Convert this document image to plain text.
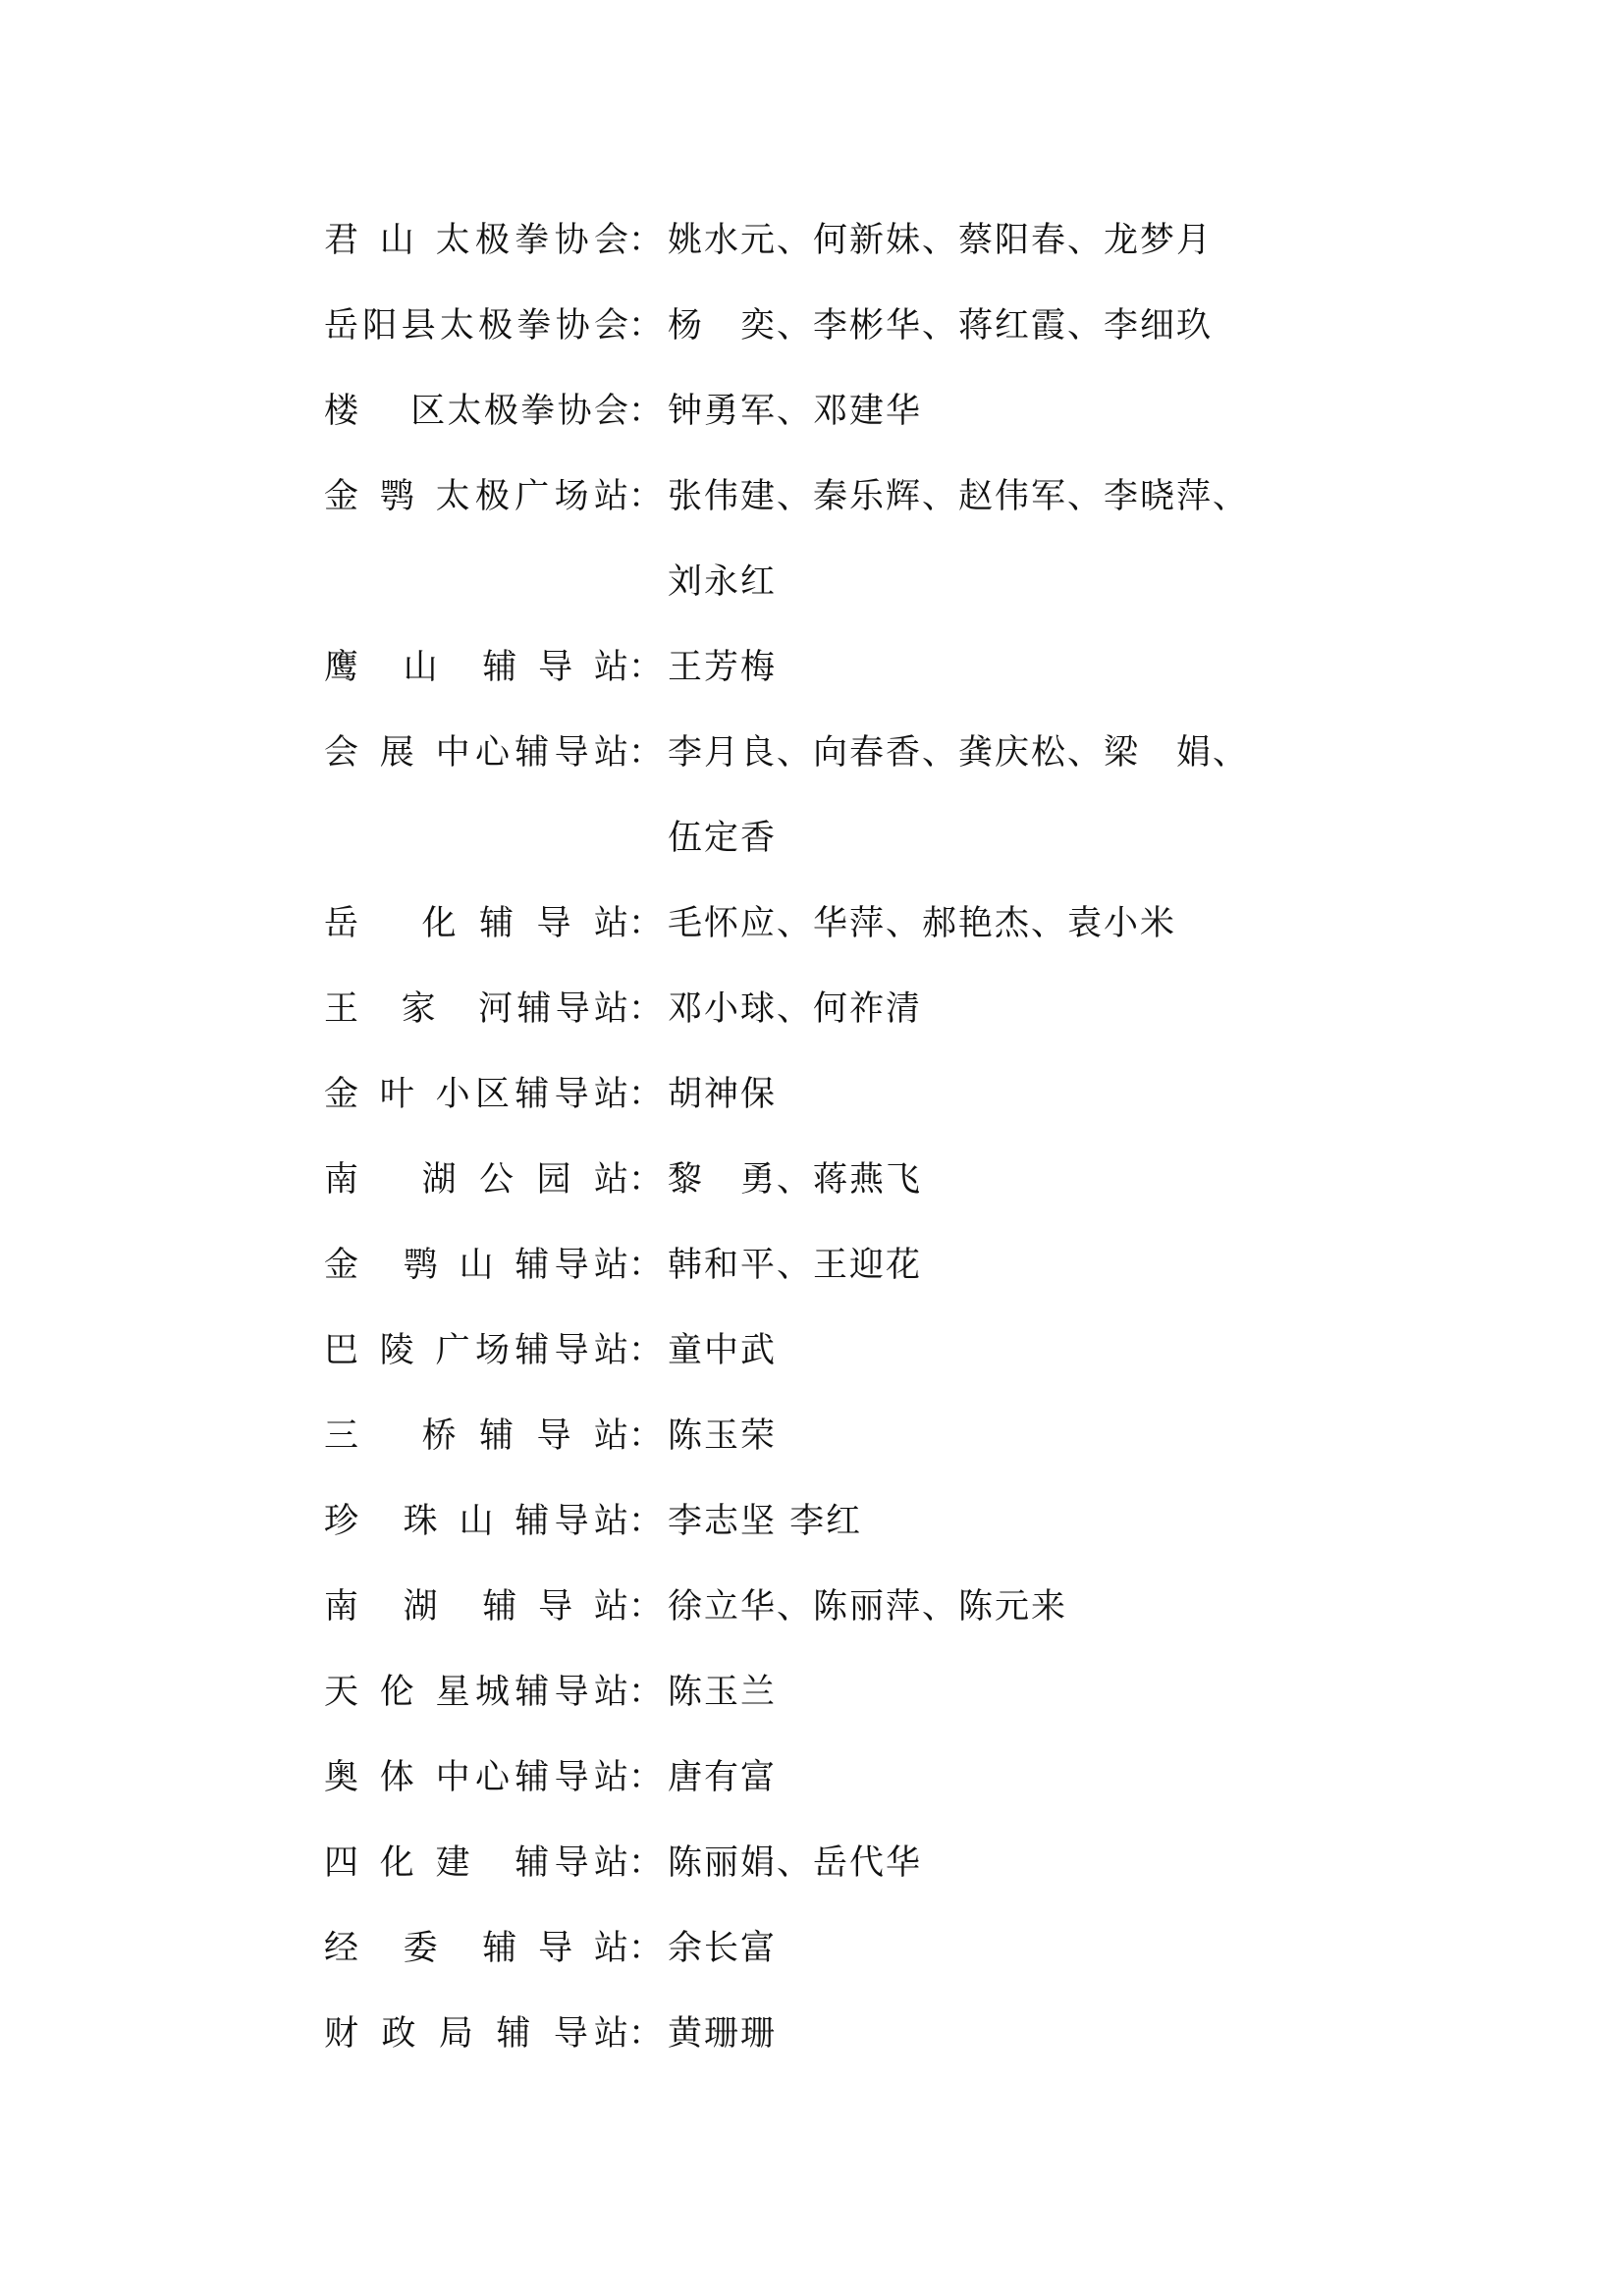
君 山 太极拳协会 ： 姚水元、何新妹、蔡阳春、龙梦月
岳阳县太极拳协会 ： 杨　奕、李彬华、蒋红霞、李细玖
楼　 区太极拳协会 ： 钟勇军、邓建华
金 鹗 太极广场站 ： 张伟建、秦乐辉、赵伟军、李晓萍、
刘永红
鹰　山　辅 导 站 ： 王芳梅
会 展 中心辅导站 ： 李月良、向春香、龚庆松、梁　娟、
伍定香
岳　 化 辅 导 站 ： 毛怀应、华萍、郝艳杰、袁小米
王　家　河辅导站 ： 邓小球、何祚清
金 叶 小区辅导站 ： 胡神保
南　 湖 公 园 站 ： 黎　勇、蒋燕飞
金　鹗 山 辅导站 ： 韩和平、王迎花
巴 陵 广场辅导站 ： 童中武
三　 桥 辅 导 站 ： 陈玉荣
珍　珠 山 辅导站 ： 李志坚 李红
南　湖　辅 导 站 ： 徐立华、陈丽萍、陈元来
天 伦 星城辅导站 ： 陈玉兰
奥 体 中心辅导站 ： 唐有富
四 化 建　辅导站 ： 陈丽娟、岳代华
经　委　辅 导 站 ： 余长富
财 政 局 辅 导站 ： 黄珊珊
